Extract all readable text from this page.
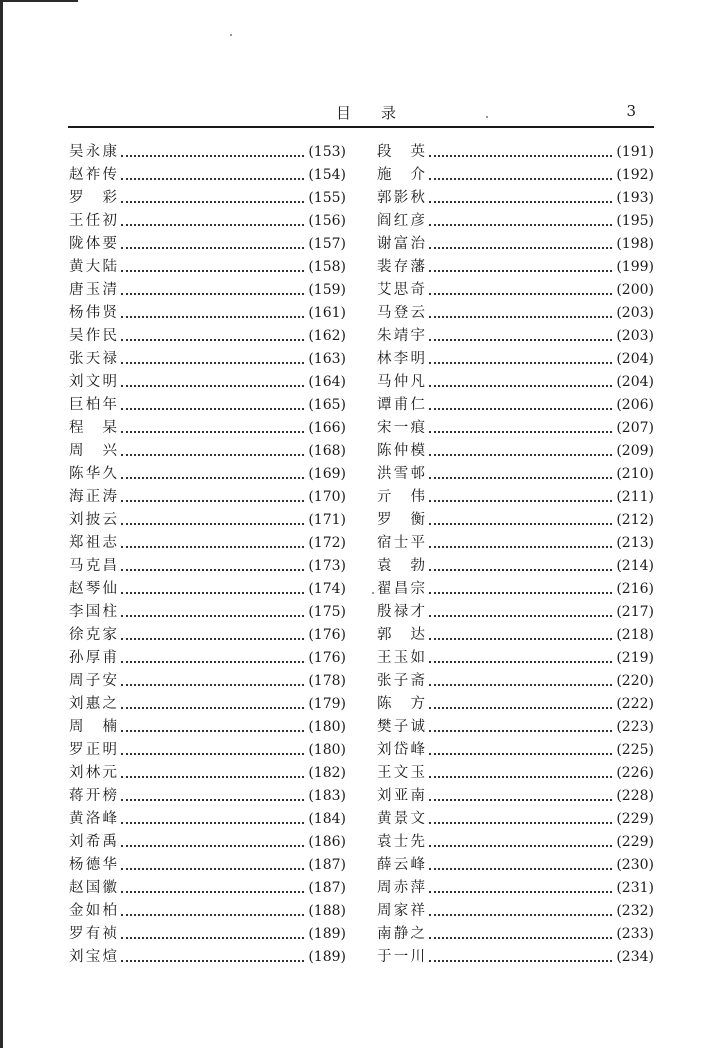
目录	3
吴永康	(153)
赵祚传	(154)
罗彩	(155)
王任初	(156)
陇体要	(157)
黄大陆	(158)
唐玉清	(159)
杨伟贤	(161)
吴作民	(162)
张天禄	(163)
刘文明	(164)
巨柏年	(165)
程杲	(166)
周兴	(168)
陈华久	(169)
海正涛	(170)
刘披云	(171)
郑祖志	(172)
马克昌	(173)
赵琴仙	(174)
李国柱	(175)
徐克家	(176)
孙厚甫	(176)
周子安	(178)
刘惠之	(179)
周楠	(180)
罗正明	(180)
刘林元	(182)
蒋开榜	(183)
黄洛峰	(184)
刘希禹	(186)
杨德华	(187)
赵国徽	(187)
金如柏	(188)
罗有祯	(189)
刘宝煊	(189)
段英	(191)
施介	(192)
郭影秋	(193)
阎红彦	(195)
谢富治	(198)
裴存藩	(199)
艾思奇	(200)
马登云	(203)
朱靖宇	(203)
林李明	(204)
马仲凡	(204)
谭甫仁	(206)
宋一痕	(207)
陈仲模	(209)
洪雪邨	(210)
亓伟	(211)
罗衡	(212)
宿士平	(213)
袁勃	(214)
翟昌宗	(216)
殷禄才	(217)
郭达	(218)
王玉如	(219)
张子斋	(220)
陈方	(222)
樊子诚	(223)
刘岱峰	(225)
王文玉	(226)
刘亚南	(228)
黄景文	(229)
袁士先	(229)
薛云峰	(230)
周赤萍	(231)
周家祥	(232)
南静之	(233)
于一川	(234)
